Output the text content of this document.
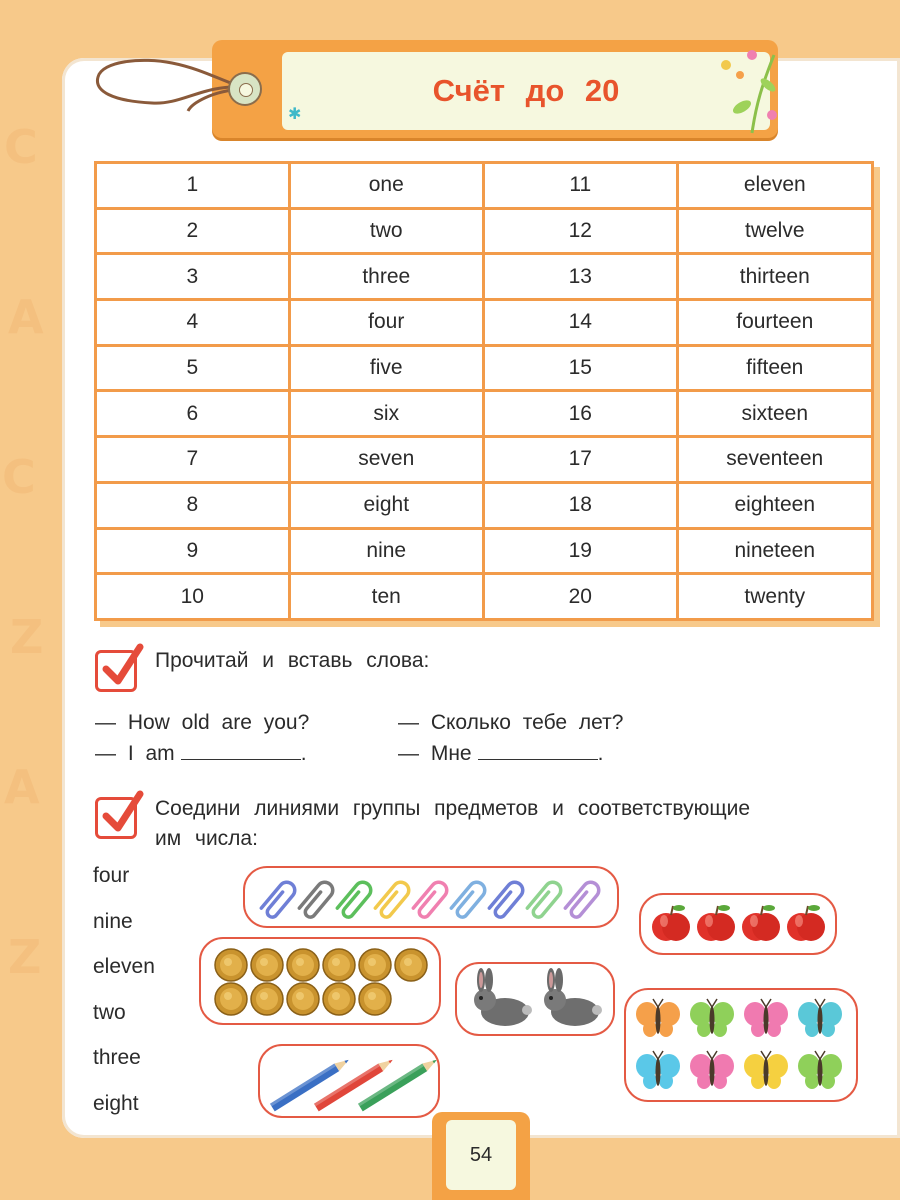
C
A
C
Z
A
Z
Счёт до 20
✱
1	one	11	eleven
2	two	12	twelve
3	three	13	thirteen
4	four	14	fourteen
5	five	15	fifteen
6	six	16	sixteen
7	seven	17	seventeen
8	eight	18	eighteen
9	nine	19	nineteen
10	ten	20	twenty
Прочитай и вставь слова:
— How old are you?	— Сколько тебе лет?
— I am	.	— Мне	.
Соедини линиями группы предметов и соответствующие
им числа:
four
nine
eleven
two
three
eight
54
